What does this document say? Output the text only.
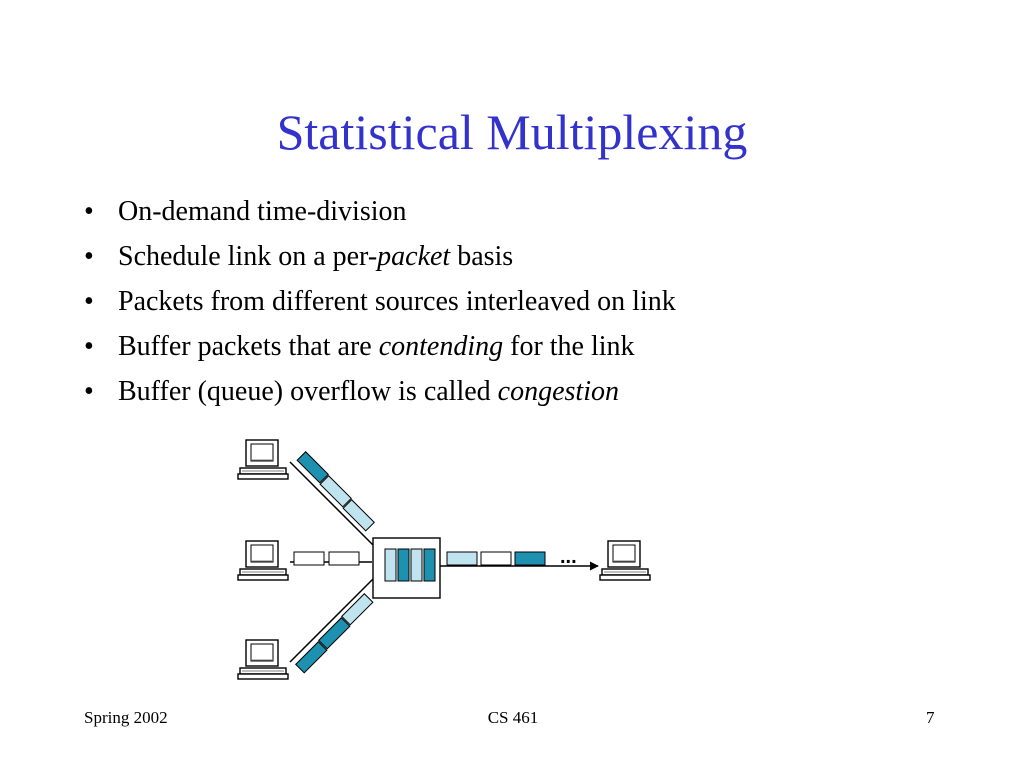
Statistical Multiplexing
• On-demand time-division
• Schedule link on a per-packet basis
• Packets from different sources interleaved on link
• Buffer packets that are contending for the link
• Buffer (queue) overflow is called congestion
...
Spring 2002	CS 461	7
